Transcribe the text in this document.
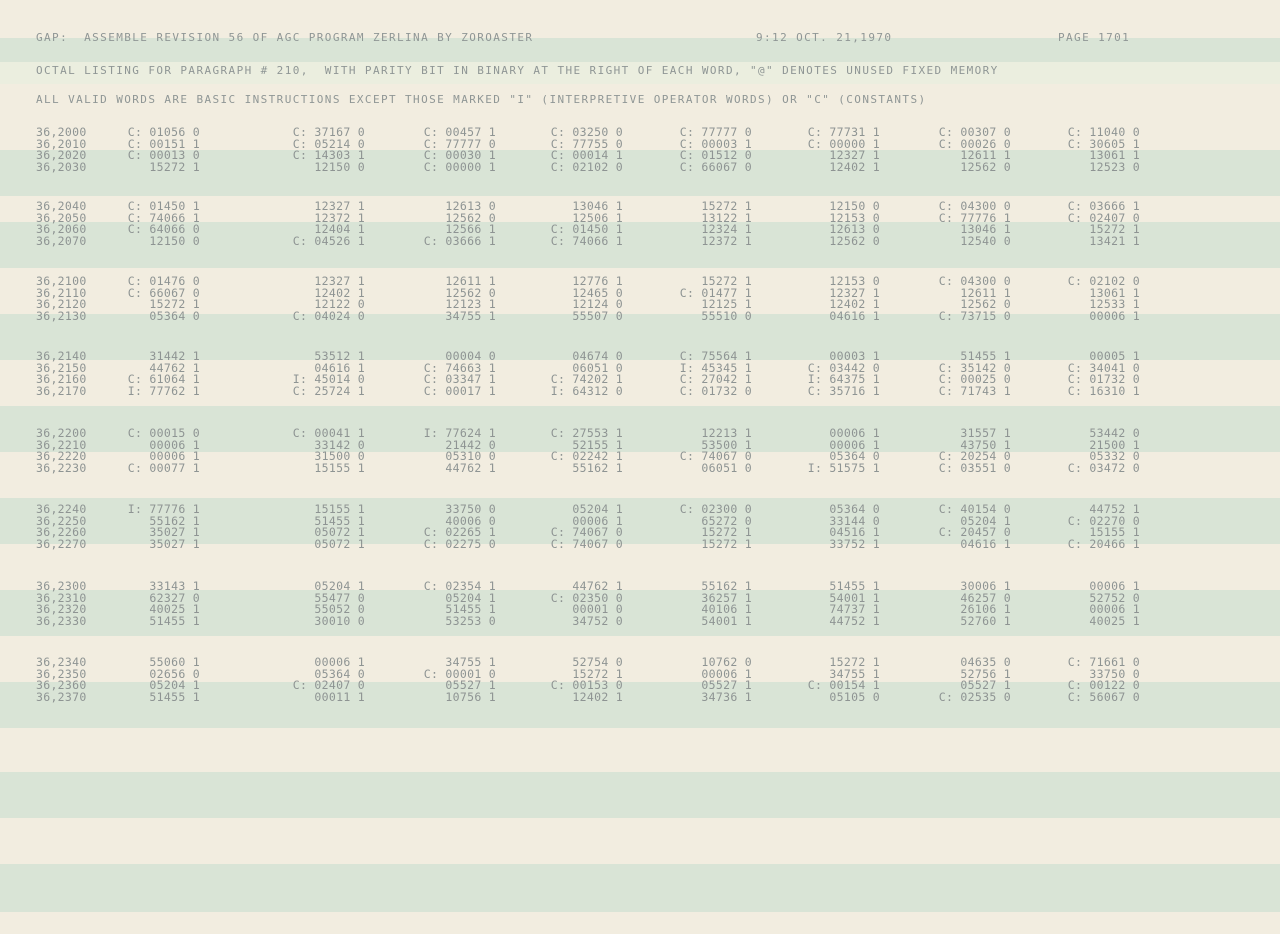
GAP:  ASSEMBLE REVISION 56 OF AGC PROGRAM ZERLINA BY ZOROASTER	9:12 OCT. 21,1970	PAGE 1701
OCTAL LISTING FOR PARAGRAPH # 210,  WITH PARITY BIT IN BINARY AT THE RIGHT OF EACH WORD, "@" DENOTES UNUSED FIXED MEMORY
ALL VALID WORDS ARE BASIC INSTRUCTIONS EXCEPT THOSE MARKED "I" (INTERPRETIVE OPERATOR WORDS) OR "C" (CONSTANTS)
36,2000	C: 01056 0	C: 37167 0	C: 00457 1	C: 03250 0	C: 77777 0	C: 77731 1	C: 00307 0	C: 11040 0
36,2010	C: 00151 1	C: 05214 0	C: 77777 0	C: 77755 0	C: 00003 1	C: 00000 1	C: 00026 0	C: 30605 1
36,2020	C: 00013 0	C: 14303 1	C: 00030 1	C: 00014 1	C: 01512 0	12327 1	12611 1	13061 1
36,2030	15272 1	12150 0	C: 00000 1	C: 02102 0	C: 66067 0	12402 1	12562 0	12523 0
36,2040	C: 01450 1	12327 1	12613 0	13046 1	15272 1	12150 0	C: 04300 0	C: 03666 1
36,2050	C: 74066 1	12372 1	12562 0	12506 1	13122 1	12153 0	C: 77776 1	C: 02407 0
36,2060	C: 64066 0	12404 1	12566 1	C: 01450 1	12324 1	12613 0	13046 1	15272 1
36,2070	12150 0	C: 04526 1	C: 03666 1	C: 74066 1	12372 1	12562 0	12540 0	13421 1
36,2100	C: 01476 0	12327 1	12611 1	12776 1	15272 1	12153 0	C: 04300 0	C: 02102 0
36,2110	C: 66067 0	12402 1	12562 0	12465 0	C: 01477 1	12327 1	12611 1	13061 1
36,2120	15272 1	12122 0	12123 1	12124 0	12125 1	12402 1	12562 0	12533 1
36,2130	05364 0	C: 04024 0	34755 1	55507 0	55510 0	04616 1	C: 73715 0	00006 1
36,2140	31442 1	53512 1	00004 0	04674 0	C: 75564 1	00003 1	51455 1	00005 1
36,2150	44762 1	04616 1	C: 74663 1	06051 0	I: 45345 1	C: 03442 0	C: 35142 0	C: 34041 0
36,2160	C: 61064 1	I: 45014 0	C: 03347 1	C: 74202 1	C: 27042 1	I: 64375 1	C: 00025 0	C: 01732 0
36,2170	I: 77762 1	C: 25724 1	C: 00017 1	I: 64312 0	C: 01732 0	C: 35716 1	C: 71743 1	C: 16310 1
36,2200	C: 00015 0	C: 00041 1	I: 77624 1	C: 27553 1	12213 1	00006 1	31557 1	53442 0
36,2210	00006 1	33142 0	21442 0	52155 1	53500 1	00006 1	43750 1	21500 1
36,2220	00006 1	31500 0	05310 0	C: 02242 1	C: 74067 0	05364 0	C: 20254 0	05332 0
36,2230	C: 00077 1	15155 1	44762 1	55162 1	06051 0	I: 51575 1	C: 03551 0	C: 03472 0
36,2240	I: 77776 1	15155 1	33750 0	05204 1	C: 02300 0	05364 0	C: 40154 0	44752 1
36,2250	55162 1	51455 1	40006 0	00006 1	65272 0	33144 0	05204 1	C: 02270 0
36,2260	35027 1	05072 1	C: 02265 1	C: 74067 0	15272 1	04516 1	C: 20457 0	15155 1
36,2270	35027 1	05072 1	C: 02275 0	C: 74067 0	15272 1	33752 1	04616 1	C: 20466 1
36,2300	33143 1	05204 1	C: 02354 1	44762 1	55162 1	51455 1	30006 1	00006 1
36,2310	62327 0	55477 0	05204 1	C: 02350 0	36257 1	54001 1	46257 0	52752 0
36,2320	40025 1	55052 0	51455 1	00001 0	40106 1	74737 1	26106 1	00006 1
36,2330	51455 1	30010 0	53253 0	34752 0	54001 1	44752 1	52760 1	40025 1
36,2340	55060 1	00006 1	34755 1	52754 0	10762 0	15272 1	04635 0	C: 71661 0
36,2350	02656 0	05364 0	C: 00001 0	15272 1	00006 1	34755 1	52756 1	33750 0
36,2360	05204 1	C: 02407 0	05527 1	C: 00153 0	05527 1	C: 00154 1	05527 1	C: 00122 0
36,2370	51455 1	00011 1	10756 1	12402 1	34736 1	05105 0	C: 02535 0	C: 56067 0
